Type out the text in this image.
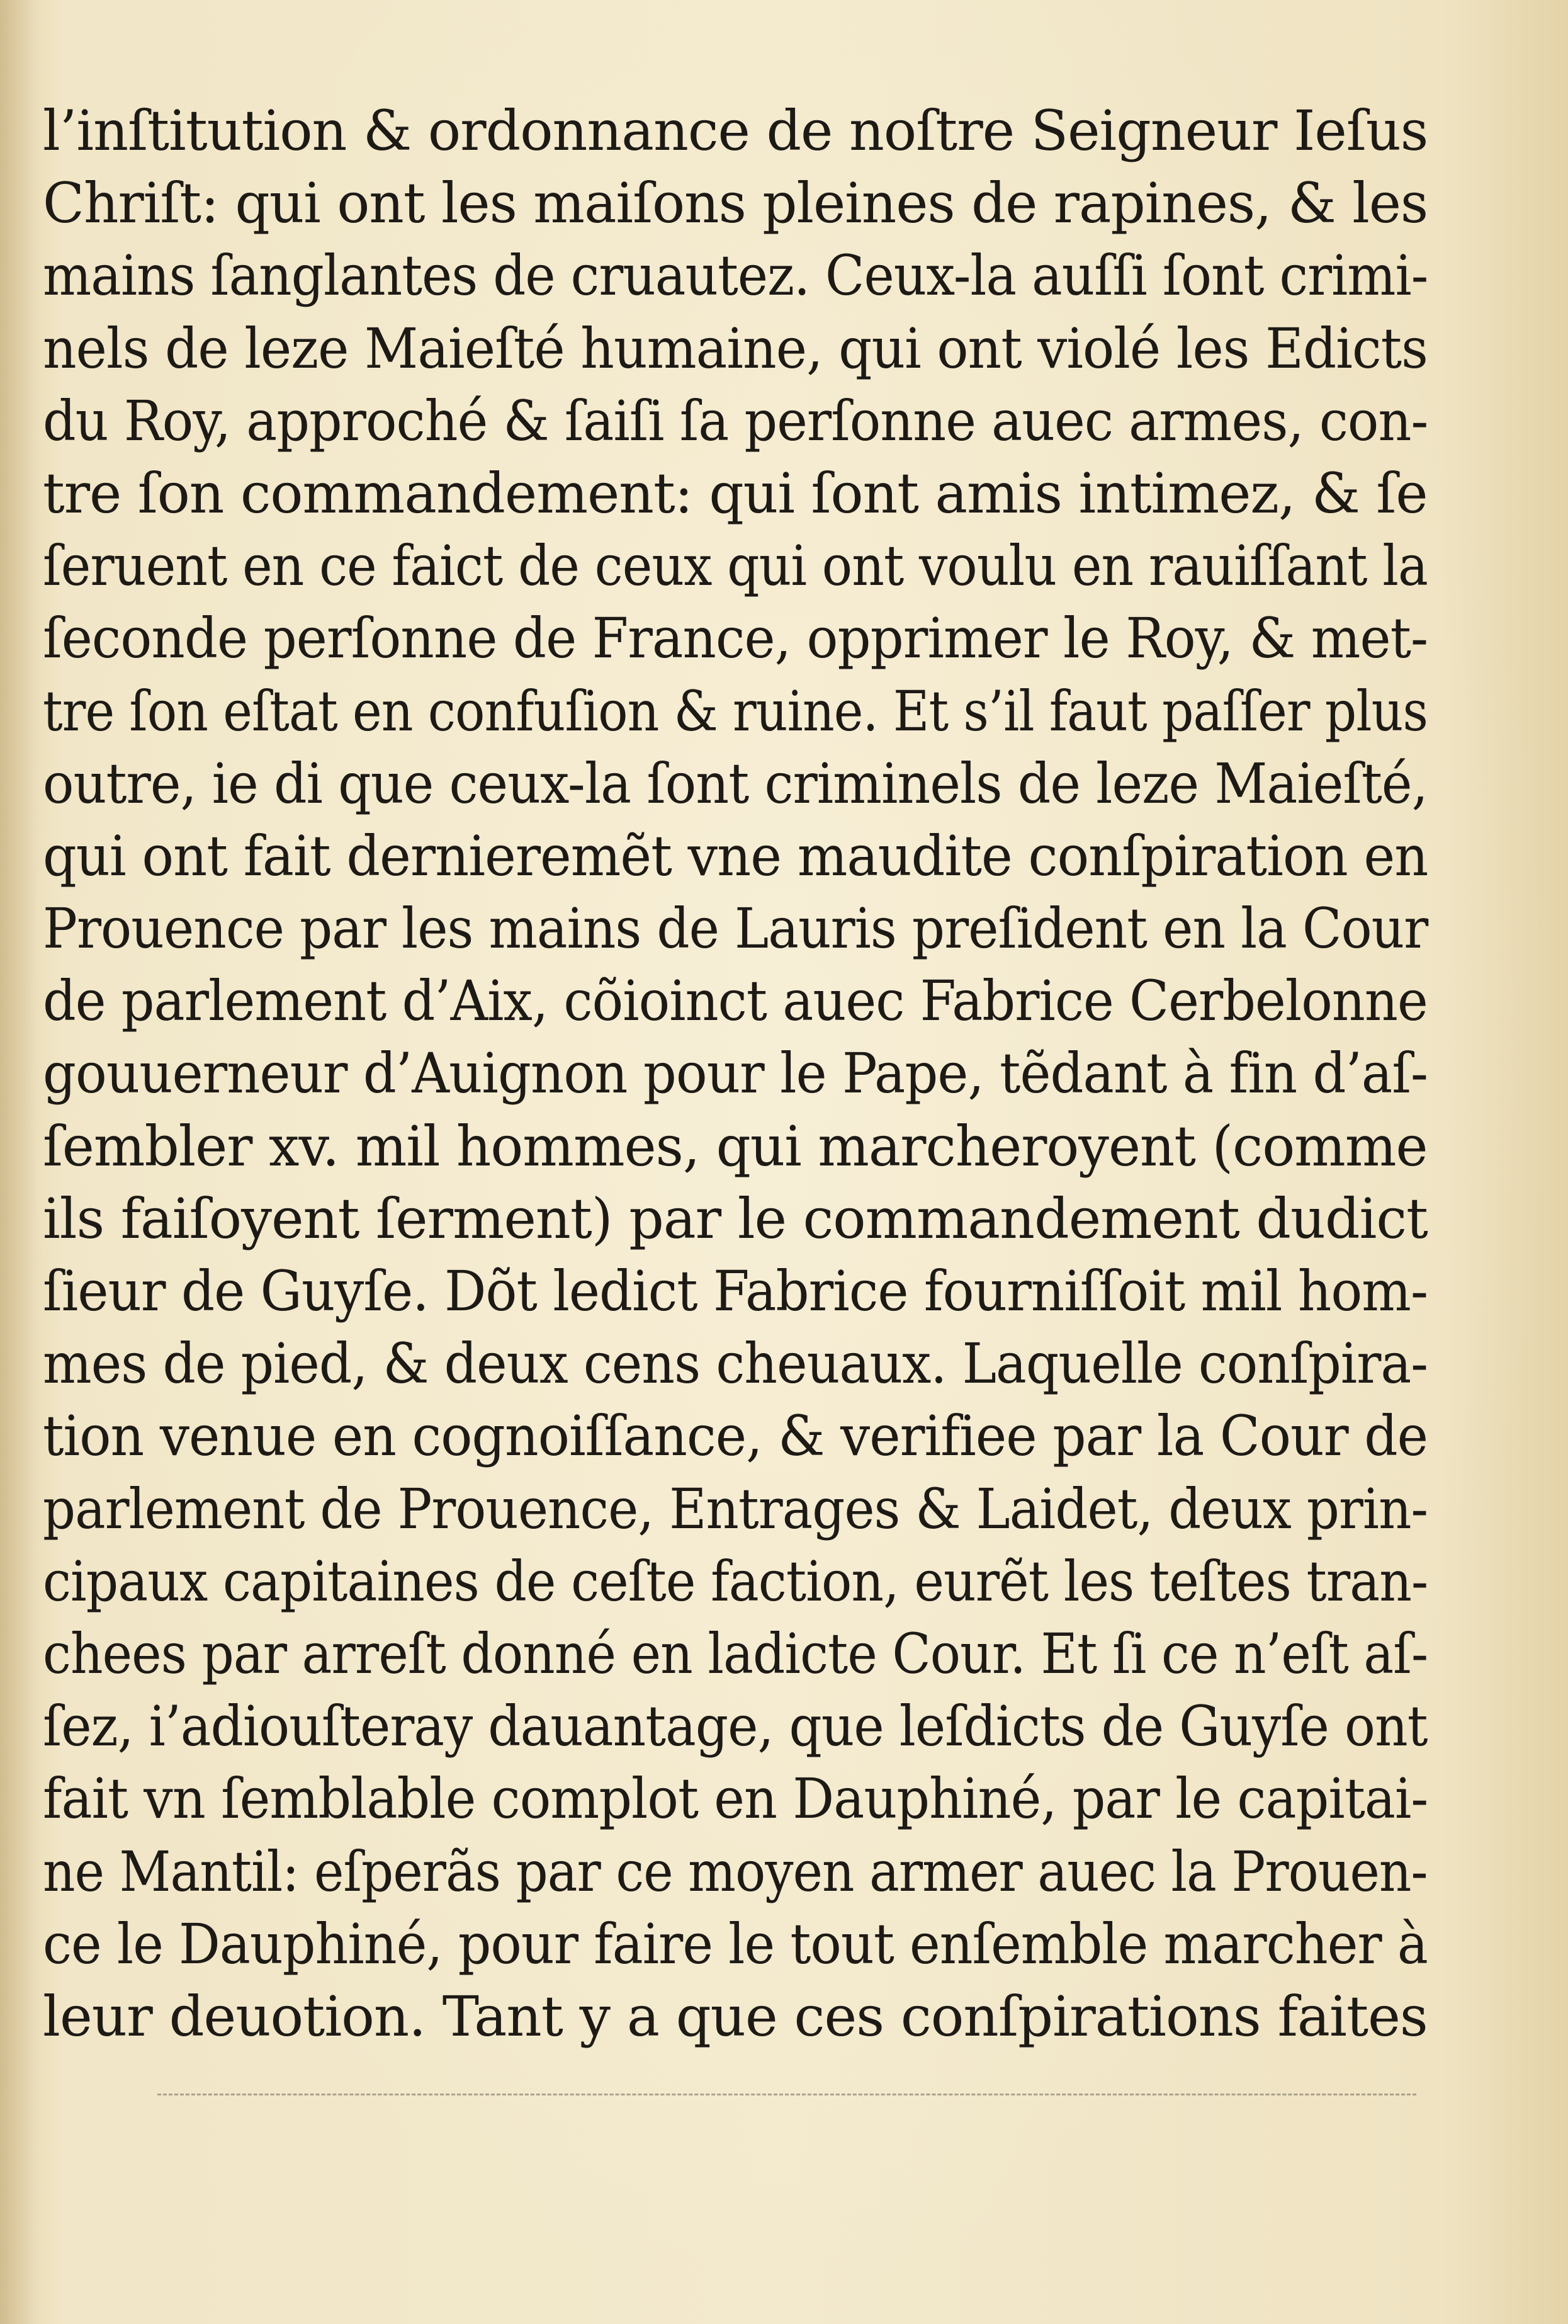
l’inſtitution & ordonnance de noſtre Seigneur Ieſus
Chriſt: qui ont les maiſons pleines de rapines, & les
mains ſanglantes de cruautez. Ceux-la auſſi ſont crimi-
nels de leze Maieſté humaine, qui ont violé les Edicts
du Roy, approché & ſaiſi ſa perſonne auec armes, con-
tre ſon commandement: qui ſont amis intimez, & ſe
ſeruent en ce faict de ceux qui ont voulu en rauiſſant la
ſeconde perſonne de France, opprimer le Roy, & met-
tre ſon eſtat en confuſion & ruine. Et s’il faut paſſer plus
outre, ie di que ceux-la ſont criminels de leze Maieſté,
qui ont fait dernieremẽt vne maudite conſpiration en
Prouence par les mains de Lauris preſident en la Cour
de parlement d’Aix, cõioinct auec Fabrice Cerbelonne
gouuerneur d’Auignon pour le Pape, tẽdant à fin d’aſ-
ſembler xv. mil hommes, qui marcheroyent (comme
ils faiſoyent ſerment) par le commandement dudict
ſieur de Guyſe. Dõt ledict Fabrice fourniſſoit mil hom-
mes de pied, & deux cens cheuaux. Laquelle conſpira-
tion venue en cognoiſſance, & verifiee par la Cour de
parlement de Prouence, Entrages & Laidet, deux prin-
cipaux capitaines de ceſte faction, eurẽt les teſtes tran-
chees par arreſt donné en ladicte Cour. Et ſi ce n’eſt aſ-
ſez, i’adiouſteray dauantage, que leſdicts de Guyſe ont
fait vn ſemblable complot en Dauphiné, par le capitai-
ne Mantil: eſperãs par ce moyen armer auec la Prouen-
ce le Dauphiné, pour faire le tout enſemble marcher à
leur deuotion. Tant y a que ces conſpirations faites
